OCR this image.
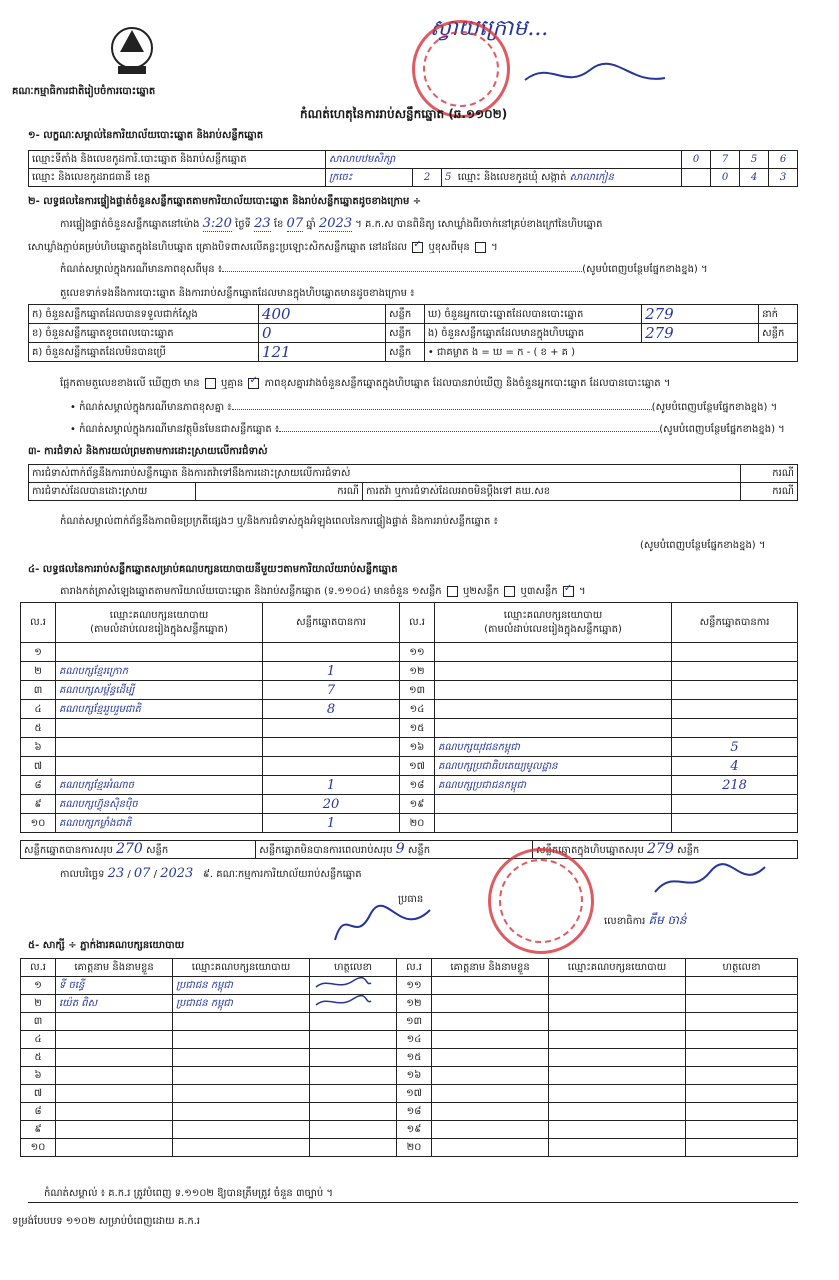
គណៈកម្មាធិការជាតិរៀបចំការបោះឆ្នោត
ស្វាយក្រោម...
កំណត់ហេតុនៃការរាប់សន្លឹកឆ្នោត (ឆ.១១០២)
១- លក្ខណៈសម្គាល់នៃការិយាល័យបោះឆ្នោត និងរាប់សន្លឹកឆ្នោត
ឈ្មោះទីតាំង និងលេខកូដការិ.បោះឆ្នោត និងរាប់សន្លឹកឆ្នោត	សាលាបឋមសិក្សា			0	7	5	6
ឈ្មោះ និងលេខកូដរាជធានី ខេត្ត	ក្រចេះ	2	5 ឈ្មោះ និងលេខកូដឃុំ សង្កាត់ សាលាកៀន		0	4	3
២- លទ្ធផលនៃការផ្ទៀងផ្ទាត់ចំនួនសន្លឹកឆ្នោតតាមការិយាល័យបោះឆ្នោត និងរាប់សន្លឹកឆ្នោតដូចខាងក្រោម ÷
ការផ្ទៀងផ្ទាត់ចំនួនសន្លឹកឆ្នោតនៅម៉ោង 3:20 ថ្ងៃទី 23 ខែ 07 ឆ្នាំ 2023 ។ គ.ក.ស បានពិនិត្យ សោឃ្លាំងពីរចាក់នៅគ្រប់ខាងក្រៅនៃហិបឆ្នោត
សោឃ្លាំងភ្ជាប់គម្រប់ហិបឆ្នោតក្នុងនៃហិបឆ្នោត គ្រោងបិទពាសលើគន្លះប្រឡោះសិកសន្លឹកឆ្នោត នៅដដែល ✓ ឬខុសពីមុន  ។
កំណត់សម្គាល់ក្នុងករណីមានភាពខុសពីមុន ៖	(សូមបំពេញបន្ថែមផ្នែកខាងខ្នង) ។
តួលេខទាក់ទងនឹងការបោះឆ្នោត និងការរាប់សន្លឹកឆ្នោតដែលមានក្នុងហិបឆ្នោតមានដូចខាងក្រោម ៖
ក) ចំនួនសន្លឹកឆ្នោតដែលបានទទួលជាក់ស្តែង	400	សន្លឹក	ឃ) ចំនួនអ្នកបោះឆ្នោតដែលបានបោះឆ្នោត	279	នាក់
ខ) ចំនួនសន្លឹកឆ្នោតខូចពេលបោះឆ្នោត	0	សន្លឹក	ង) ចំនួនសន្លឹកឆ្នោតដែលមានក្នុងហិបឆ្នោត	279	សន្លឹក
គ) ចំនួនសន្លឹកឆ្នោតដែលមិនបានប្រើ	121	សន្លឹក	• ជាគម្លាត ង = ឃ = ក - ( ខ + គ )		
ផ្អែកតាមតួលេខខាងលើ ឃើញថា មាន ឬគ្មាន ✓ ភាពខុសគ្នារវាងចំនួនសន្លឹកឆ្នោតក្នុងហិបឆ្នោត ដែលបានរាប់ឃើញ និងចំនួនអ្នកបោះឆ្នោត ដែលបានបោះឆ្នោត ។
• កំណត់សម្គាល់ក្នុងករណីមានភាពខុសគ្នា ៖	(សូមបំពេញបន្ថែមផ្នែកខាងខ្នង) ។
• កំណត់សម្គាល់ក្នុងករណីមានវត្ថុមិនមែនជាសន្លឹកឆ្នោត ៖	(សូមបំពេញបន្ថែមផ្នែកខាងខ្នង) ។
៣- ការជំទាស់ និងការយល់ព្រមតាមការដោះស្រាយលើការជំទាស់
ការជំទាស់ពាក់ព័ន្ធនឹងការរាប់សន្លឹកឆ្នោត និងការតវ៉ាទៅនឹងការដោះស្រាយលើការជំទាស់			ករណី
ការជំទាស់ដែលបានដោះស្រាយ	ករណី	ការតវ៉ា ឬការជំទាស់ដែលអាចមិនប្តឹងទៅ គឃ.សខ	ករណី
កំណត់សម្គាល់ពាក់ព័ន្ធនឹងភាពមិនប្រក្រតីផ្សេងៗ ឬ/និងការជំទាស់ក្នុងអំឡុងពេលនៃការផ្ទៀងផ្ទាត់ និងការរាប់សន្លឹកឆ្នោត ៖
(សូមបំពេញបន្ថែមផ្នែកខាងខ្នង) ។
៤- លទ្ធផលនៃការរាប់សន្លឹកឆ្នោតសម្រាប់គណបក្សនយោបាយនីមួយៗតាមការិយាល័យរាប់សន្លឹកឆ្នោត
តារាងកត់ត្រាសំឡេងឆ្នោតតាមការិយាល័យបោះឆ្នោត និងរាប់សន្លឹកឆ្នោត (ទ.១១០៤) មានចំនួន ១សន្លឹក ឬ២សន្លឹក ឬ៣សន្លឹក ✓ ។
ល.រ	ឈ្មោះគណបក្សនយោបាយ
(តាមលំដាប់លេខរៀងក្នុងសន្លឹកឆ្នោត)	សន្លឹកឆ្នោតបានការ	ល.រ	ឈ្មោះគណបក្សនយោបាយ
(តាមលំដាប់លេខរៀងក្នុងសន្លឹកឆ្នោត)	សន្លឹកឆ្នោតបានការ
១			១១		
២	គណបក្សខ្មែរក្រោក	1	១២		
៣	គណបក្សសម្ព័ន្ធដើម្បី	7	១៣		
៤	គណបក្សខ្មែររួបរួមជាតិ	8	១៤		
៥			១៥		
៦			១៦	គណបក្សយុវជនកម្ពុជា	5
៧			១៧	គណបក្សប្រជាធិបតេយ្យមូលដ្ឋាន	4
៨	គណបក្សខ្មែរអំណាច	1	១៨	គណបក្សប្រជាជនកម្ពុជា	218
៩	គណបក្សហ៊្វុនស៊ិនប៉ិច	20	១៩		
១០	គណបក្សកម្លាំងជាតិ	1	២០		
សន្លឹកឆ្នោតបានការសរុប 270 សន្លឹក	សន្លឹកឆ្នោតមិនបានការពេលរាប់សរុប 9 សន្លឹក	សន្លឹកឆ្នោតក្នុងហិបឆ្នោតសរុប 279 សន្លឹក
កាលបរិច្ឆេទ 23 / 07 / 2023 ៩. គណៈកម្មការការិយាល័យរាប់សន្លឹកឆ្នោត
ប្រធាន
លេខាធិការ គឹម ចាន់
៥- សាក្សី ÷ ភ្នាក់ងារគណបក្សនយោបាយ
ល.រ	គោត្តនាម និងនាមខ្លួន	ឈ្មោះគណបក្សនយោបាយ	ហត្ថលេខា	ល.រ	គោត្តនាម និងនាមខ្លួន	ឈ្មោះគណបក្សនយោបាយ	ហត្ថលេខា
១	ទី ចន្ធើ	ប្រជាជន កម្ពុជា		១១			
២	យ៉េត ពិស	ប្រជាជន កម្ពុជា		១២			
៣				១៣			
៤				១៤			
៥				១៥			
៦				១៦			
៧				១៧			
៨				១៨			
៩				១៩			
១០				២០			
កំណត់សម្គាល់ ៖ គ.ក.រ ត្រូវបំពេញ ទ.១១០២ ឱ្យបានត្រឹមត្រូវ ចំនួន ៣ច្បាប់ ។
ទម្រង់បែបបទ ១១០២ សម្រាប់បំពេញដោយ គ.ក.រ
